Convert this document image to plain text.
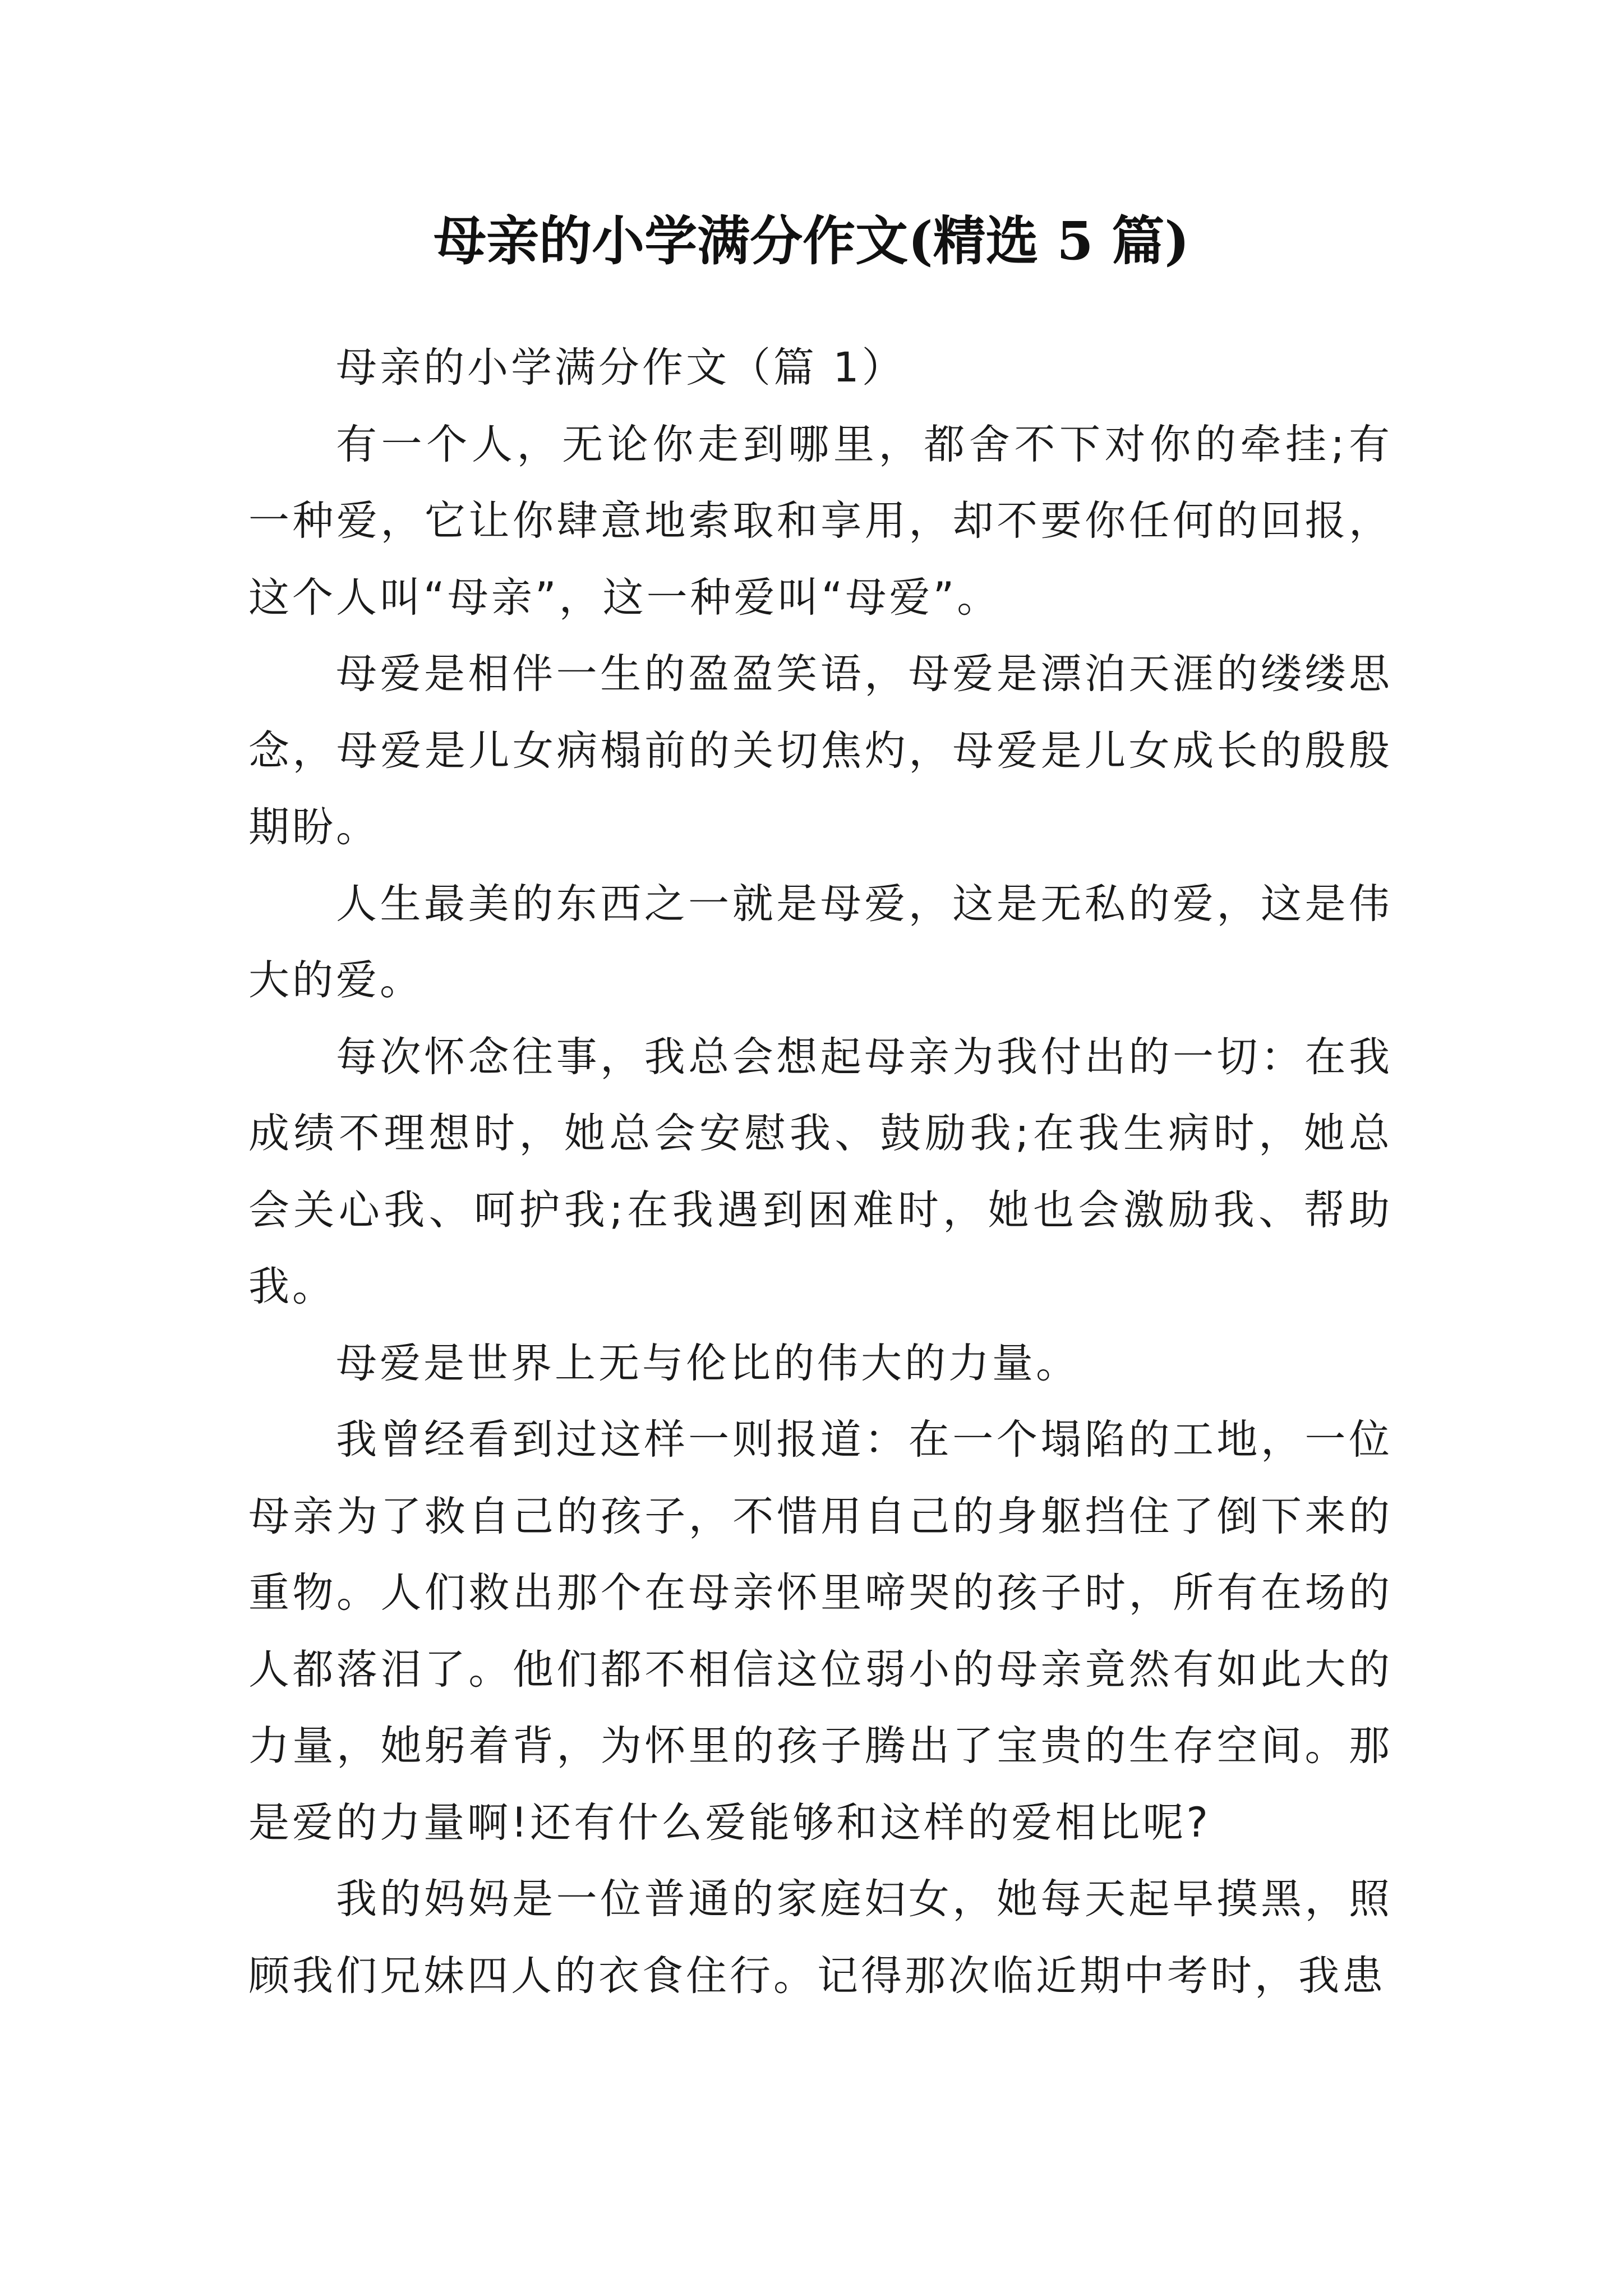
母亲的小学满分作文(精选 5 篇)

母亲的小学满分作文（篇 1）

有一个人，无论你走到哪里，都舍不下对你的牵挂;有一种爱，它让你肆意地索取和享用，却不要你任何的回报，这个人叫“母亲”，这一种爱叫“母爱”。

母爱是相伴一生的盈盈笑语，母爱是漂泊天涯的缕缕思念，母爱是儿女病榻前的关切焦灼，母爱是儿女成长的殷殷期盼。

人生最美的东西之一就是母爱，这是无私的爱，这是伟大的爱。

每次怀念往事，我总会想起母亲为我付出的一切：在我成绩不理想时，她总会安慰我、鼓励我;在我生病时，她总会关心我、呵护我;在我遇到困难时，她也会激励我、帮助我。

母爱是世界上无与伦比的伟大的力量。

我曾经看到过这样一则报道：在一个塌陷的工地，一位母亲为了救自己的孩子，不惜用自己的身躯挡住了倒下来的重物。人们救出那个在母亲怀里啼哭的孩子时，所有在场的人都落泪了。他们都不相信这位弱小的母亲竟然有如此大的力量，她躬着背，为怀里的孩子腾出了宝贵的生存空间。那是爱的力量啊!还有什么爱能够和这样的爱相比呢?

我的妈妈是一位普通的家庭妇女，她每天起早摸黑，照顾我们兄妹四人的衣食住行。记得那次临近期中考时，我患
